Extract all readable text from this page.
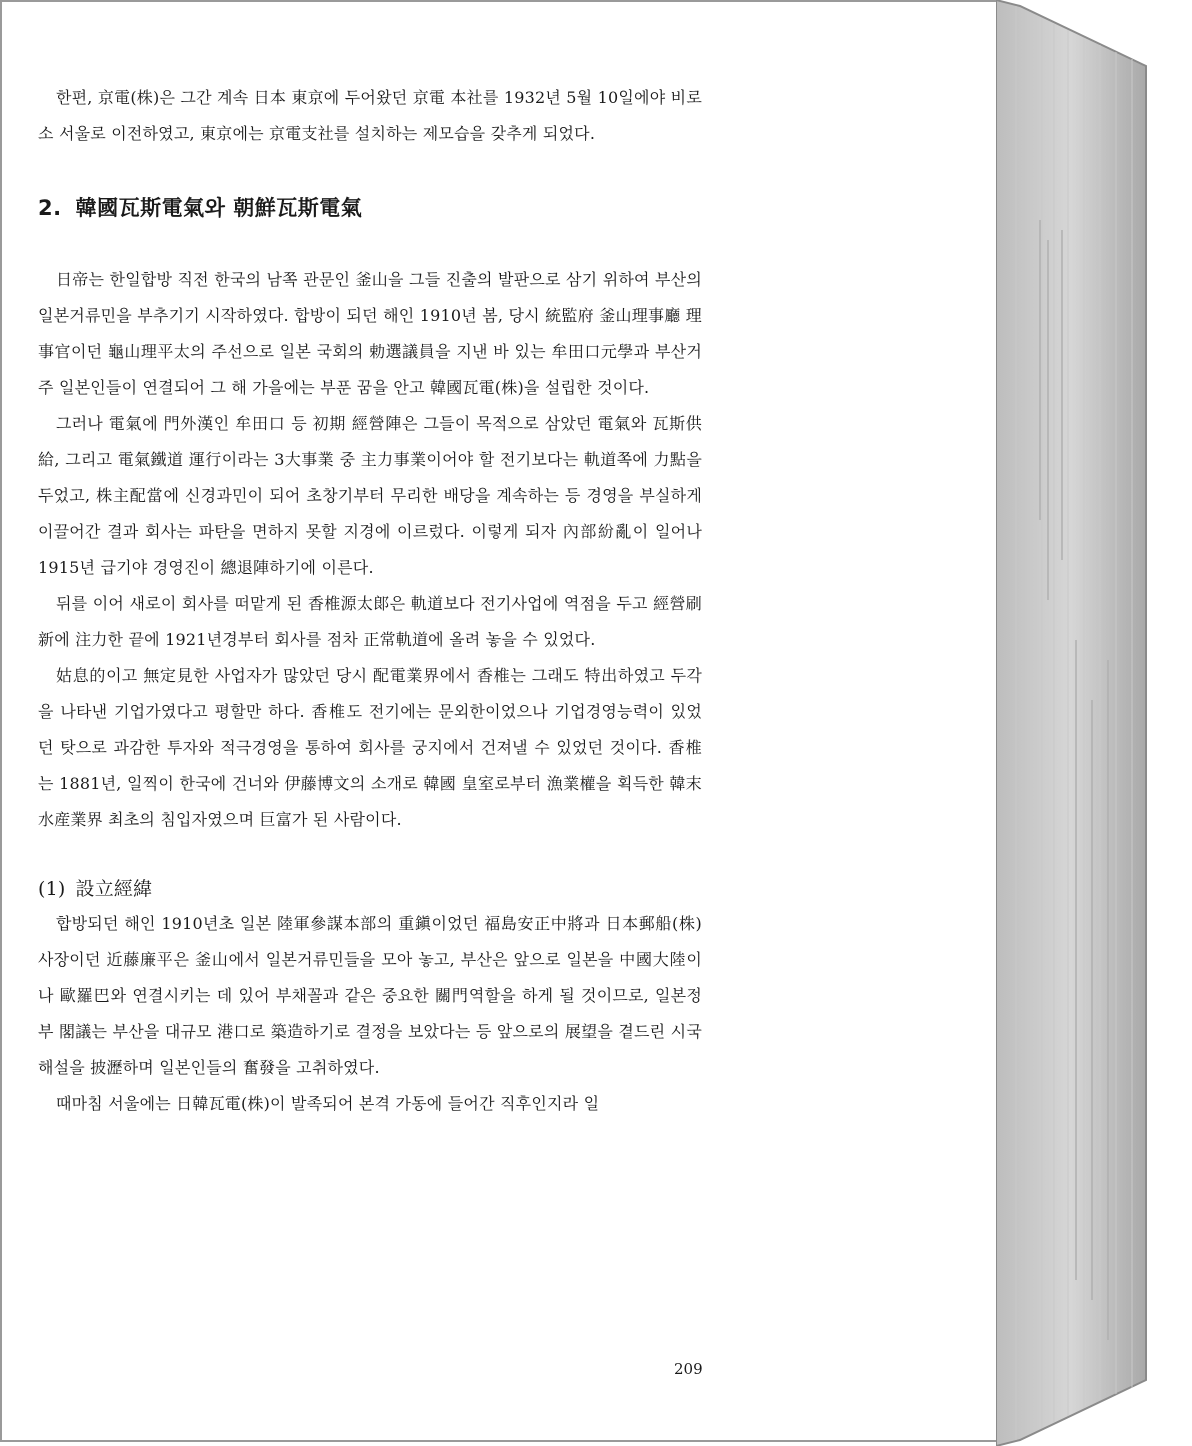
한편, 京電(株)은 그간 계속 日本 東京에 두어왔던 京電 本社를 1932년 5월 10일에야 비로소 서울로 이전하였고, 東京에는 京電支社를 설치하는 제모습을 갖추게 되었다.

2. 韓國瓦斯電氣와 朝鮮瓦斯電氣

日帝는 한일합방 직전 한국의 남쪽 관문인 釜山을 그들 진출의 발판으로 삼기 위하여 부산의 일본거류민을 부추기기 시작하였다. 합방이 되던 해인 1910년 봄, 당시 統監府 釜山理事廳 理事官이던 龜山理平太의 주선으로 일본 국회의 勅選議員을 지낸 바 있는 牟田口元學과 부산거주 일본인들이 연결되어 그 해 가을에는 부푼 꿈을 안고 韓國瓦電(株)을 설립한 것이다.

그러나 電氣에 門外漢인 牟田口 등 初期 經營陣은 그들이 목적으로 삼았던 電氣와 瓦斯供給, 그리고 電氣鐵道 運行이라는 3大事業 중 主力事業이어야 할 전기보다는 軌道쪽에 力點을 두었고, 株主配當에 신경과민이 되어 초창기부터 무리한 배당을 계속하는 등 경영을 부실하게 이끌어간 결과 회사는 파탄을 면하지 못할 지경에 이르렀다. 이렇게 되자 內部紛亂이 일어나 1915년 급기야 경영진이 總退陣하기에 이른다.

뒤를 이어 새로이 회사를 떠맡게 된 香椎源太郞은 軌道보다 전기사업에 역점을 두고 經營刷新에 注力한 끝에 1921년경부터 회사를 점차 正常軌道에 올려 놓을 수 있었다.

姑息的이고 無定見한 사업자가 많았던 당시 配電業界에서 香椎는 그래도 特出하였고 두각을 나타낸 기업가였다고 평할만 하다. 香椎도 전기에는 문외한이었으나 기업경영능력이 있었던 탓으로 과감한 투자와 적극경영을 통하여 회사를 궁지에서 건져낼 수 있었던 것이다. 香椎는 1881년, 일찍이 한국에 건너와 伊藤博文의 소개로 韓國 皇室로부터 漁業權을 획득한 韓末水産業界 최초의 침입자였으며 巨富가 된 사람이다.

(1) 設立經緯

합방되던 해인 1910년초 일본 陸軍參謀本部의 重鎭이었던 福島安正中將과 日本郵船(株)사장이던 近藤廉平은 釜山에서 일본거류민들을 모아 놓고, 부산은 앞으로 일본을 中國大陸이나 歐羅巴와 연결시키는 데 있어 부채꼴과 같은 중요한 關門역할을 하게 될 것이므로, 일본정부 閣議는 부산을 대규모 港口로 築造하기로 결정을 보았다는 등 앞으로의 展望을 곁드린 시국해설을 披瀝하며 일본인들의 奮發을 고취하였다.

때마침 서울에는 日韓瓦電(株)이 발족되어 본격 가동에 들어간 직후인지라 일

209
